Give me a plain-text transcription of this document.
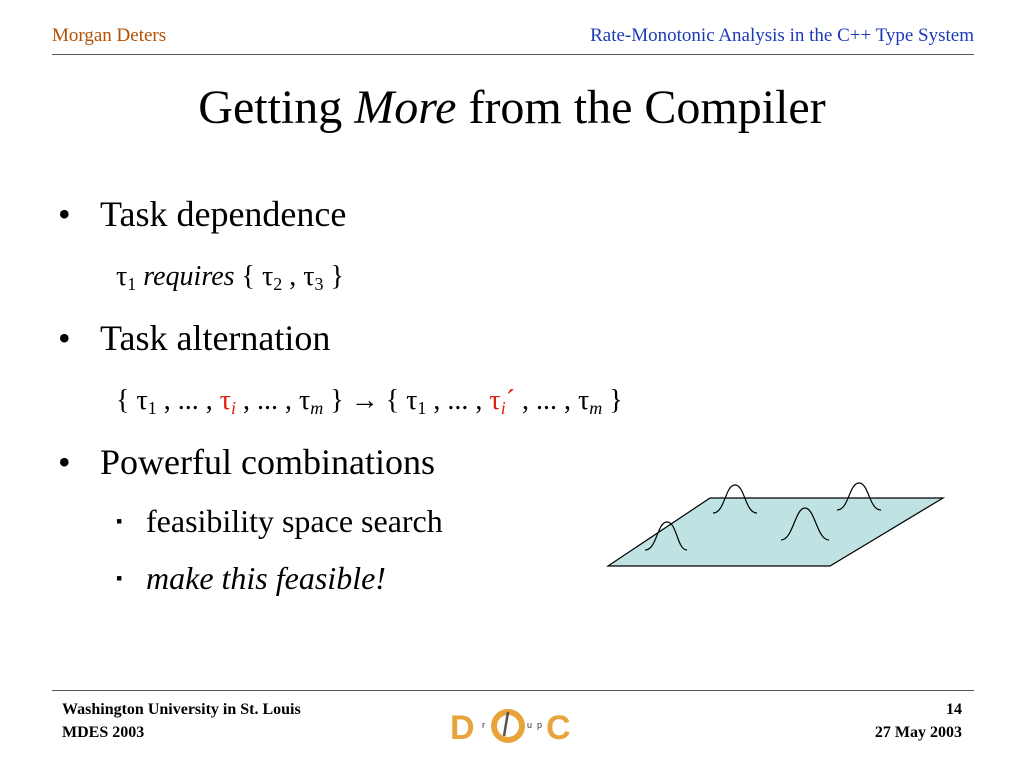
Morgan Deters	Rate-Monotonic Analysis in the C++ Type System
Getting More from the Compiler
• Task dependence
$\tau_1$ requires { $\tau_2$ , $\tau_3$ }
• Task alternation
{ $\tau_1$ , ... , $\tau_i$ , ... , $\tau_m$ } → { $\tau_1$ , ... , $\tau_i´$ , ... , $\tau_m$ }
• Powerful combinations
▪ feasibility space search
▪ make this feasible!
Washington University in St. Louis
MDES 2003
14
27 May 2003
D r	u p C
